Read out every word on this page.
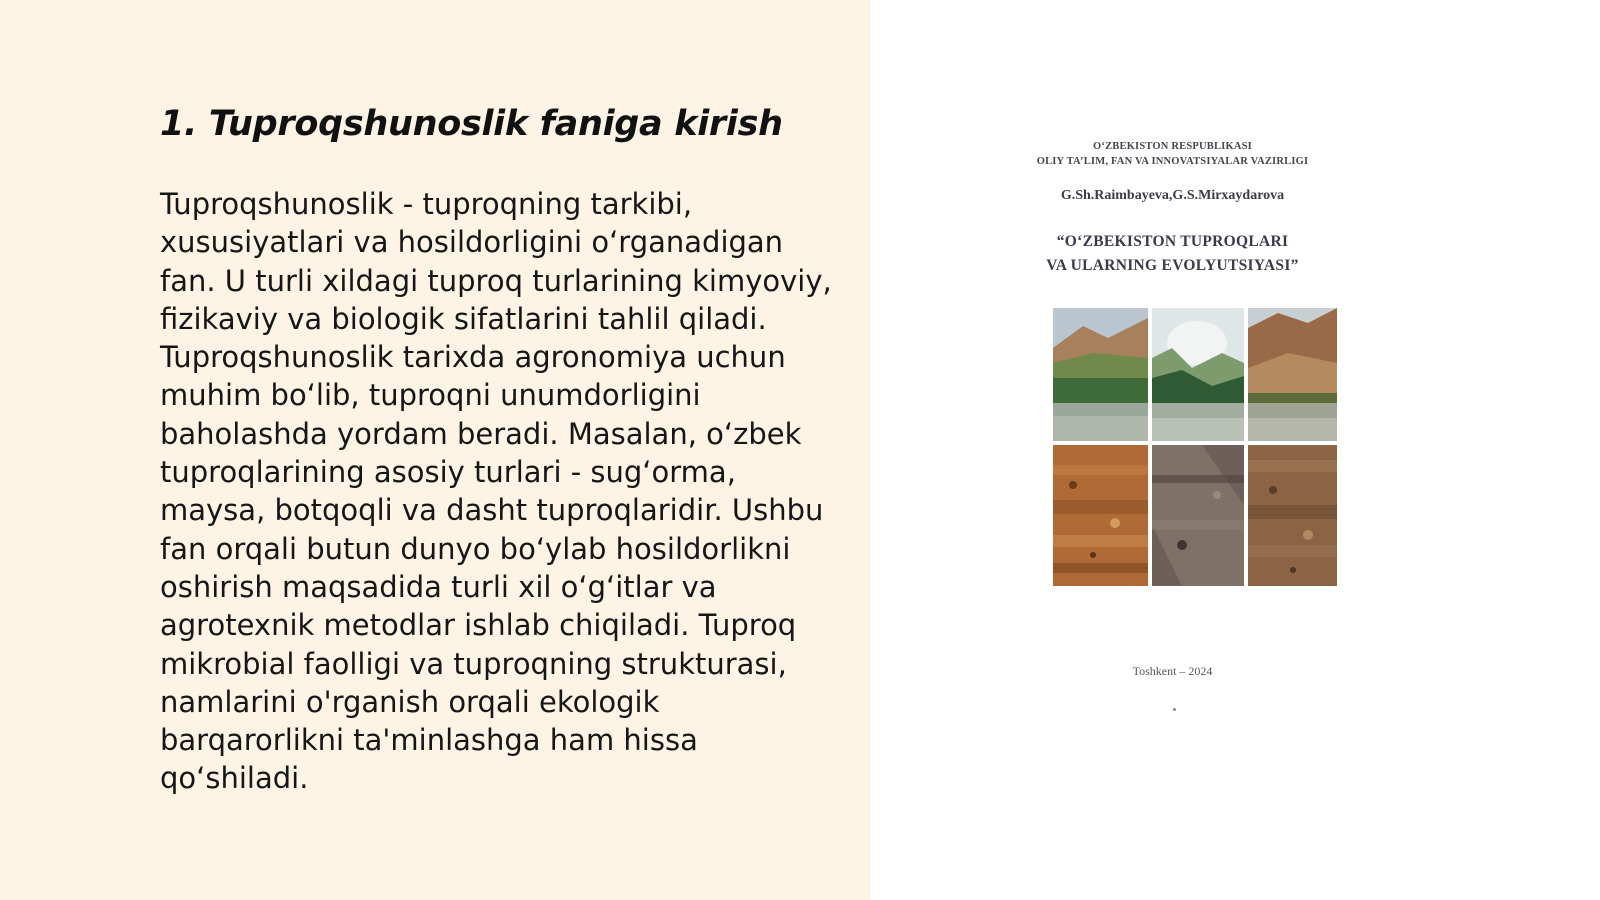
1. Tuproqshunoslik faniga kirish

Tuproqshunoslik - tuproqning tarkibi, xususiyatlari va hosildorligini o‘rganadigan fan. U turli xildagi tuproq turlarining kimyoviy, fizikaviy va biologik sifatlarini tahlil qiladi. Tuproqshunoslik tarixda agronomiya uchun muhim bo‘lib, tuproqni unumdorligini baholashda yordam beradi. Masalan, o‘zbek tuproqlarining asosiy turlari - sug‘orma, maysa, botqoqli va dasht tuproqlaridir. Ushbu fan orqali butun dunyo bo‘ylab hosildorlikni oshirish maqsadida turli xil o‘g‘itlar va agrotexnik metodlar ishlab chiqiladi. Tuproq mikrobial faolligi va tuproqning strukturasi, namlarini o'rganish orqali ekologik barqarorlikni ta'minlashga ham hissa qo‘shiladi.

O‘ZBEKISTON RESPUBLIKASI
OLIY TA’LIM, FAN VA INNOVATSIYALAR VAZIRLIGI
G.Sh.Raimbayeva,G.S.Mirxaydarova
“O‘ZBEKISTON TUPROQLARI
VA ULARNING EVOLYUTSIYASI”
Toshkent – 2024
